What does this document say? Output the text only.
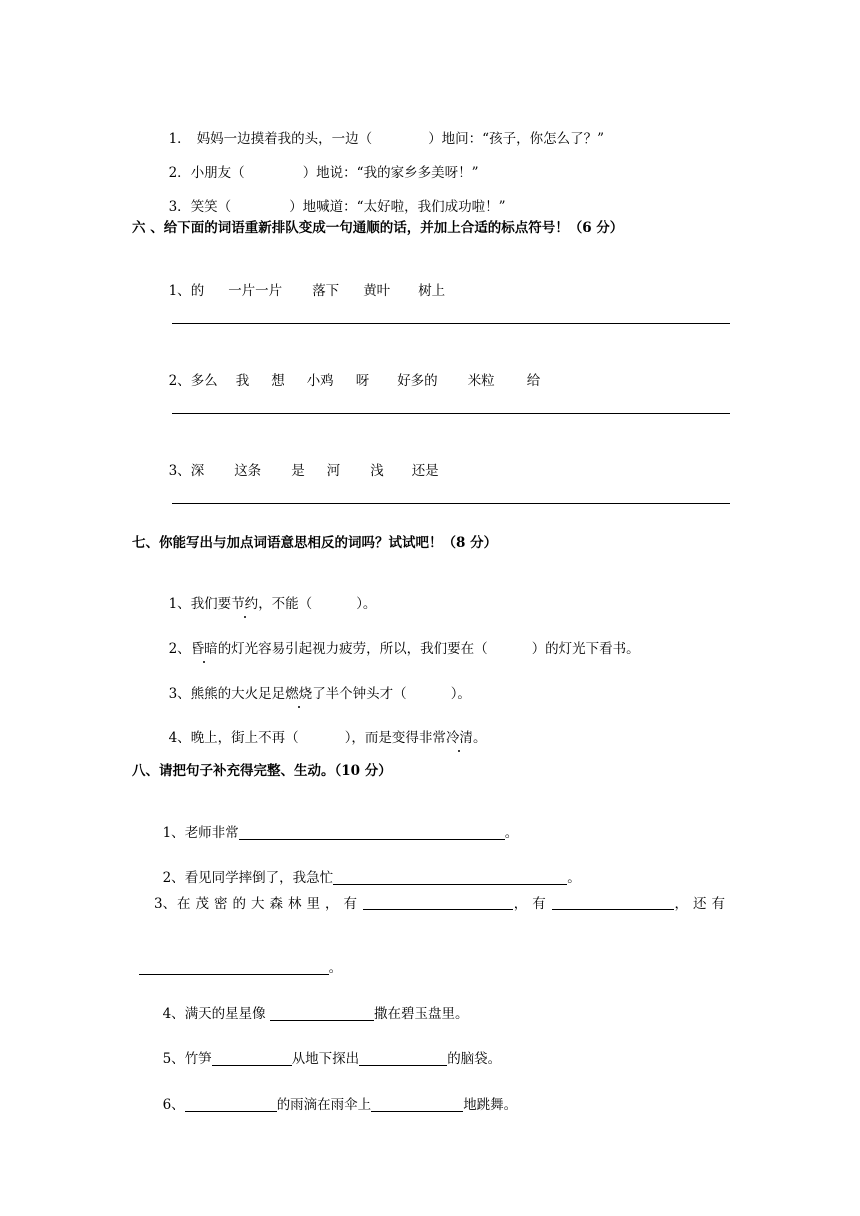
1． 妈妈一边摸着我的头，一边（	）地问：“孩子，你怎么了？”

2．小朋友（	）地说：“我的家乡多美呀！”

3．笑笑（	）地喊道：“太好啦，我们成功啦！”

六 、给下面的词语重新排队变成一句通顺的话，并加上合适的标点符号！（6 分）

1、的 一片一片 落下 黄叶 树上

2、多么 我 想 小鸡 呀 好多的 米粒 给

3、深 这条 是 河 浅 还是

七、你能写出与加点词语意思相反的词吗？试试吧！（8 分）

1、我们要节约，不能（	）。

2、昏暗的灯光容易引起视力疲劳，所以，我们要在（	）的灯光下看书。

3、熊熊的大火足足燃烧了半个钟头才（	）。

4、晚上，街上不再（	），而是变得非常冷清。

八、请把句子补充得完整、生动。（10 分）

1、老师非常	。

2、看见同学摔倒了，我急忙	。

3、 在茂密的大森林里，有	，有	，还有

。

4、满天的星星像	撒在碧玉盘里。

5、竹笋	从地下探出	的脑袋。

6、	的雨滴在雨伞上	地跳舞。
